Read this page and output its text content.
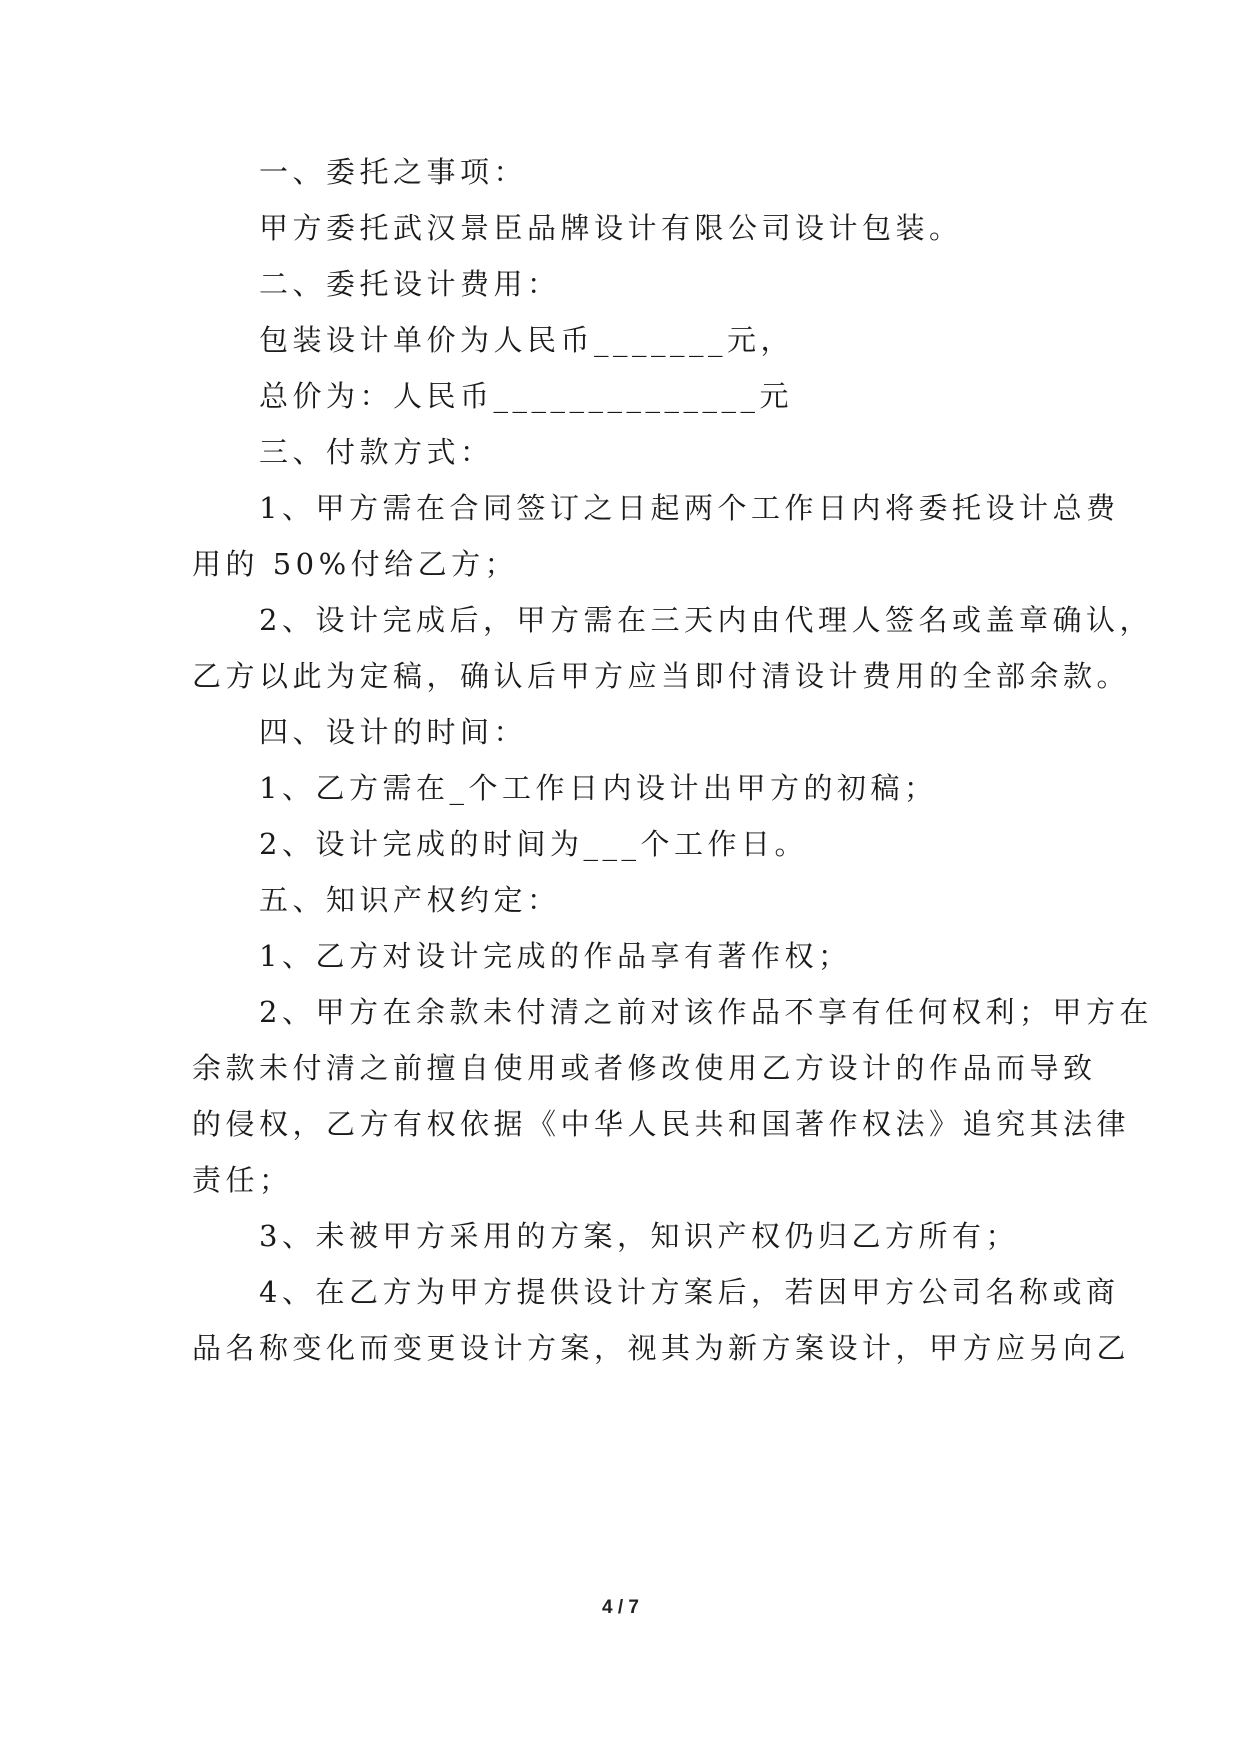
　　一、委托之事项：
　　甲方委托武汉景臣品牌设计有限公司设计包装。
　　二、委托设计费用：
　　包装设计单价为人民币_______元，
　　总价为：人民币______________元
　　三、付款方式：
　　1、甲方需在合同签订之日起两个工作日内将委托设计总费
用的 50%付给乙方；
　　2、设计完成后，甲方需在三天内由代理人签名或盖章确认，
乙方以此为定稿，确认后甲方应当即付清设计费用的全部余款。
　　四、设计的时间：
　　1、乙方需在_个工作日内设计出甲方的初稿；
　　2、设计完成的时间为___个工作日。
　　五、知识产权约定：
　　1、乙方对设计完成的作品享有著作权；
　　2、甲方在余款未付清之前对该作品不享有任何权利；甲方在
余款未付清之前擅自使用或者修改使用乙方设计的作品而导致
的侵权，乙方有权依据《中华人民共和国著作权法》追究其法律
责任；
　　3、未被甲方采用的方案，知识产权仍归乙方所有；
　　4、在乙方为甲方提供设计方案后，若因甲方公司名称或商
品名称变化而变更设计方案，视其为新方案设计，甲方应另向乙
4 / 7
